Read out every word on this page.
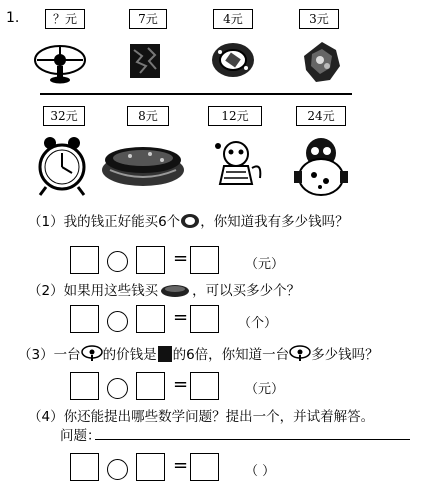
1.	？元	7元	4元	3元
32元	8元	12元	24元
（1）我的钱正好能买6个 ，你知道我有多少钱吗？
=	（元）
（2）如果用这些钱买	，可以买多少个？
=	（个）
（3）一台 的价钱是 的6倍，你知道一台 多少钱吗？
=	（元）
（4）你还能提出哪些数学问题？提出一个，并试着解答。
问题：
=	（ ）
